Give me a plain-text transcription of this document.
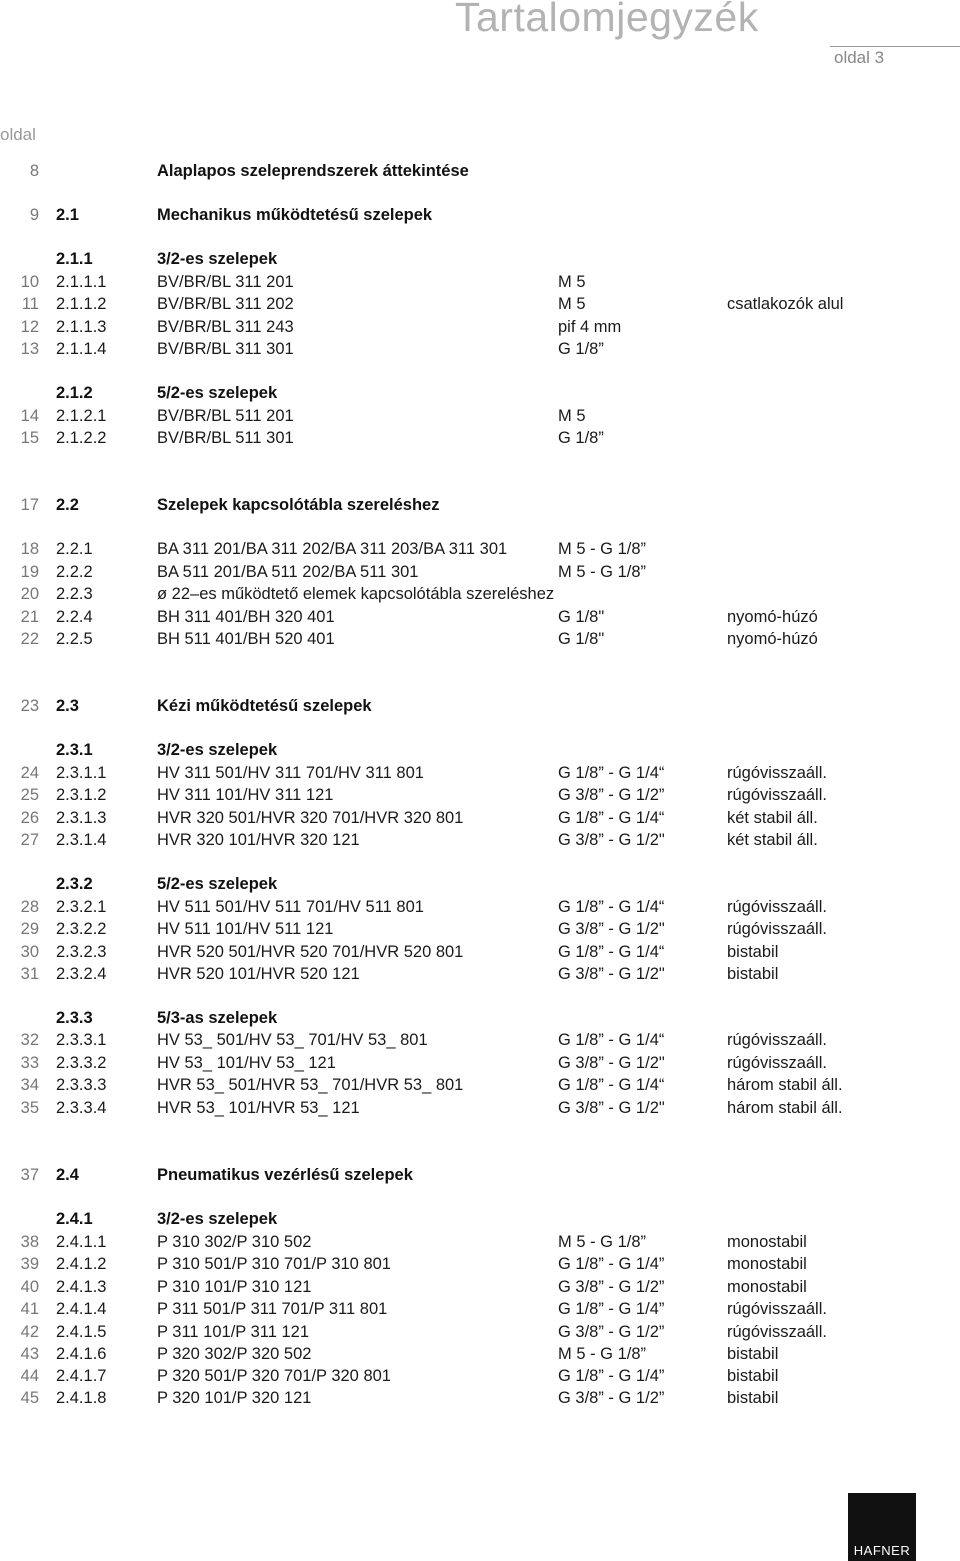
Tartalomjegyzék
oldal 3
oldal
8	Alaplapos szeleprendszerek áttekintése
9 2.1	Mechanikus működtetésű szelepek
2.1.1	3/2-es szelepek
10 2.1.1.1	BV/BR/BL 311 201	M 5
11 2.1.1.2	BV/BR/BL 311 202	M 5	csatlakozók alul
12 2.1.1.3	BV/BR/BL 311 243	pif 4 mm
13 2.1.1.4	BV/BR/BL 311 301	G 1/8”
2.1.2	5/2-es szelepek
14 2.1.2.1	BV/BR/BL 511 201	M 5
15 2.1.2.2	BV/BR/BL 511 301	G 1/8”
17 2.2	Szelepek kapcsolótábla szereléshez
18 2.2.1	BA 311 201/BA 311 202/BA 311 203/BA 311 301	M 5 - G 1/8”
19 2.2.2	BA 511 201/BA 511 202/BA 511 301	M 5 - G 1/8”
20 2.2.3	ø 22–es működtető elemek kapcsolótábla szereléshez
21 2.2.4	BH 311 401/BH 320 401	G 1/8"	nyomó-húzó
22 2.2.5	BH 511 401/BH 520 401	G 1/8"	nyomó-húzó
23 2.3	Kézi működtetésű szelepek
2.3.1	3/2-es szelepek
24 2.3.1.1	HV 311 501/HV 311 701/HV 311 801	G 1/8” - G 1/4“	rúgóvisszaáll.
25 2.3.1.2	HV 311 101/HV 311 121	G 3/8” - G 1/2”	rúgóvisszaáll.
26 2.3.1.3	HVR 320 501/HVR 320 701/HVR 320 801	G 1/8” - G 1/4“	két stabil áll.
27 2.3.1.4	HVR 320 101/HVR 320 121	G 3/8” - G 1/2"	két stabil áll.
2.3.2	5/2-es szelepek
28 2.3.2.1	HV 511 501/HV 511 701/HV 511 801	G 1/8” - G 1/4“	rúgóvisszaáll.
29 2.3.2.2	HV 511 101/HV 511 121	G 3/8” - G 1/2"	rúgóvisszaáll.
30 2.3.2.3	HVR 520 501/HVR 520 701/HVR 520 801	G 1/8” - G 1/4“	bistabil
31 2.3.2.4	HVR 520 101/HVR 520 121	G 3/8” - G 1/2"	bistabil
2.3.3	5/3-as szelepek
32 2.3.3.1	HV 53_ 501/HV 53_ 701/HV 53_ 801	G 1/8” - G 1/4“	rúgóvisszaáll.
33 2.3.3.2	HV 53_ 101/HV 53_ 121	G 3/8” - G 1/2"	rúgóvisszaáll.
34 2.3.3.3	HVR 53_ 501/HVR 53_ 701/HVR 53_ 801	G 1/8” - G 1/4“	három stabil áll.
35 2.3.3.4	HVR 53_ 101/HVR 53_ 121	G 3/8” - G 1/2"	három stabil áll.
37 2.4	Pneumatikus vezérlésű szelepek
2.4.1	3/2-es szelepek
38 2.4.1.1	P 310 302/P 310 502	M 5 - G 1/8”	monostabil
39 2.4.1.2	P 310 501/P 310 701/P 310 801	G 1/8” - G 1/4”	monostabil
40 2.4.1.3	P 310 101/P 310 121	G 3/8” - G 1/2”	monostabil
41 2.4.1.4	P 311 501/P 311 701/P 311 801	G 1/8” - G 1/4”	rúgóvisszaáll.
42 2.4.1.5	P 311 101/P 311 121	G 3/8” - G 1/2”	rúgóvisszaáll.
43 2.4.1.6	P 320 302/P 320 502	M 5 - G 1/8”	bistabil
44 2.4.1.7	P 320 501/P 320 701/P 320 801	G 1/8” - G 1/4”	bistabil
45 2.4.1.8	P 320 101/P 320 121	G 3/8” - G 1/2”	bistabil
HAFNER
